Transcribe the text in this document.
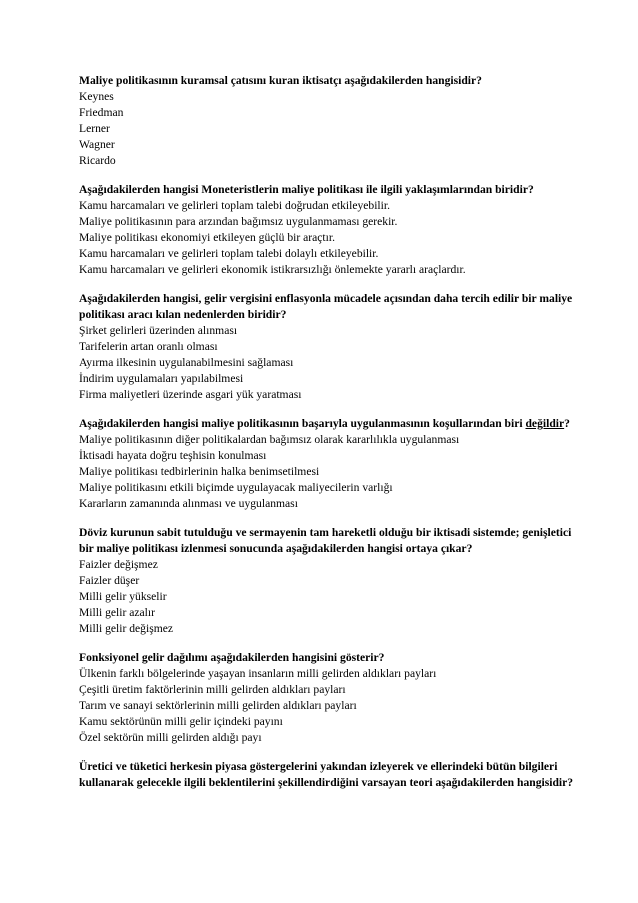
Maliye politikasının kuramsal çatısını kuran iktisatçı aşağıdakilerden hangisidir?

Keynes

Friedman

Lerner

Wagner

Ricardo

Aşağıdakilerden hangisi Moneteristlerin maliye politikası ile ilgili yaklaşımlarından biridir?

Kamu harcamaları ve gelirleri toplam talebi doğrudan etkileyebilir.

Maliye politikasının para arzından bağımsız uygulanmaması gerekir.

Maliye politikası ekonomiyi etkileyen güçlü bir araçtır.

Kamu harcamaları ve gelirleri toplam talebi dolaylı etkileyebilir.

Kamu harcamaları ve gelirleri ekonomik istikrarsızlığı önlemekte yararlı araçlardır.

Aşağıdakilerden hangisi, gelir vergisini enflasyonla mücadele açısından daha tercih edilir bir maliye politikası aracı kılan nedenlerden biridir?

Şirket gelirleri üzerinden alınması

Tarifelerin artan oranlı olması

Ayırma ilkesinin uygulanabilmesini sağlaması

İndirim uygulamaları yapılabilmesi

Firma maliyetleri üzerinde asgari yük yaratması

Aşağıdakilerden hangisi maliye politikasının başarıyla uygulanmasının koşullarından biri değildir?

Maliye politikasının diğer politikalardan bağımsız olarak kararlılıkla uygulanması

İktisadi hayata doğru teşhisin konulması

Maliye politikası tedbirlerinin halka benimsetilmesi

Maliye politikasını etkili biçimde uygulayacak maliyecilerin varlığı

Kararların zamanında alınması ve uygulanması

Döviz kurunun sabit tutulduğu ve sermayenin tam hareketli olduğu bir iktisadi sistemde; genişletici bir maliye politikası izlenmesi sonucunda aşağıdakilerden hangisi ortaya çıkar?

Faizler değişmez

Faizler düşer

Milli gelir yükselir

Milli gelir azalır

Milli gelir değişmez

Fonksiyonel gelir dağılımı aşağıdakilerden hangisini gösterir?

Ülkenin farklı bölgelerinde yaşayan insanların milli gelirden aldıkları payları

Çeşitli üretim faktörlerinin milli gelirden aldıkları payları

Tarım ve sanayi sektörlerinin milli gelirden aldıkları payları

Kamu sektörünün milli gelir içindeki payını

Özel sektörün milli gelirden aldığı payı

Üretici ve tüketici herkesin piyasa göstergelerini yakından izleyerek ve ellerindeki bütün bilgileri kullanarak gelecekle ilgili beklentilerini şekillendirdiğini varsayan teori aşağıdakilerden hangisidir?
